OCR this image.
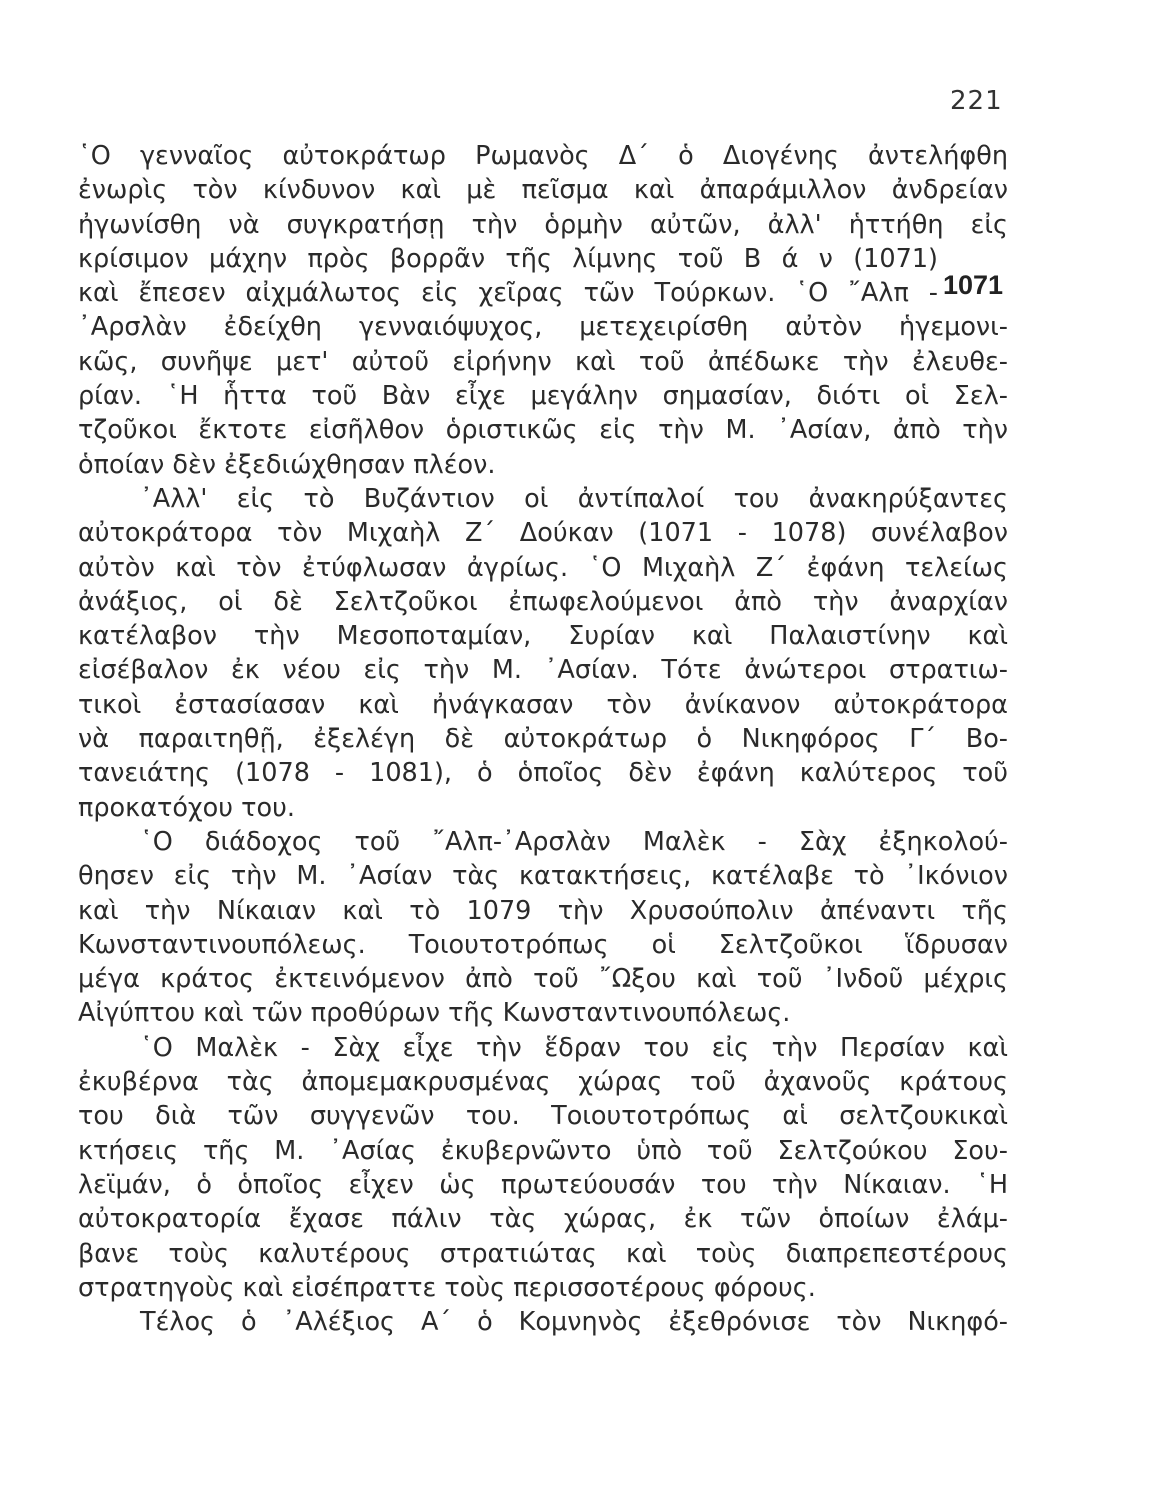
221
1071
῾Ο γενναῖος αὐτοκράτωρ Ρωμανὸς Δ΄ ὁ Διογένης ἀντελήφθη
ἐνωρὶς τὸν κίνδυνον καὶ μὲ πεῖσμα καὶ ἀπαράμιλλον ἀνδρείαν
ἠγωνίσθη νὰ συγκρατήσῃ τὴν ὁρμὴν αὐτῶν, ἀλλ' ἡττήθη εἰς
κρίσιμον μάχην πρὸς βορρᾶν τῆς λίμνης τοῦ Β ά ν (1071)
καὶ ἔπεσεν αἰχμάλωτος εἰς χεῖρας τῶν Τούρκων. ῾Ο ῎Αλπ -
᾿Αρσλὰν ἐδείχθη γενναιόψυχος, μετεχειρίσθη αὐτὸν ἡγεμονι-
κῶς, συνῆψε μετ' αὐτοῦ εἰρήνην καὶ τοῦ ἀπέδωκε τὴν ἐλευθε-
ρίαν. ῾Η ἧττα τοῦ Βὰν εἶχε μεγάλην σημασίαν, διότι οἱ Σελ-
τζοῦκοι ἔκτοτε εἰσῆλθον ὁριστικῶς εἰς τὴν Μ. ᾿Ασίαν, ἀπὸ τὴν
ὁποίαν δὲν ἐξεδιώχθησαν πλέον.
᾿Αλλ' εἰς τὸ Βυζάντιον οἱ ἀντίπαλοί του ἀνακηρύξαντες
αὐτοκράτορα τὸν Μιχαὴλ Ζ΄ Δούκαν (1071 - 1078) συνέλαβον
αὐτὸν καὶ τὸν ἐτύφλωσαν ἀγρίως. ῾Ο Μιχαὴλ Ζ΄ ἐφάνη τελείως
ἀνάξιος, οἱ δὲ Σελτζοῦκοι ἐπωφελούμενοι ἀπὸ τὴν ἀναρχίαν
κατέλαβον τὴν Μεσοποταμίαν, Συρίαν καὶ Παλαιστίνην καὶ
εἰσέβαλον ἐκ νέου εἰς τὴν Μ. ᾿Ασίαν. Τότε ἀνώτεροι στρατιω-
τικοὶ ἐστασίασαν καὶ ἠνάγκασαν τὸν ἀνίκανον αὐτοκράτορα
νὰ παραιτηθῇ, ἐξελέγη δὲ αὐτοκράτωρ ὁ Νικηφόρος Γ΄ Βο-
τανειάτης (1078 - 1081), ὁ ὁποῖος δὲν ἐφάνη καλύτερος τοῦ
προκατόχου του.
῾Ο διάδοχος τοῦ ῎Αλπ-᾿Αρσλὰν Μαλὲκ - Σὰχ ἐξηκολού-
θησεν εἰς τὴν Μ. ᾿Ασίαν τὰς κατακτήσεις, κατέλαβε τὸ ᾿Ικόνιον
καὶ τὴν Νίκαιαν καὶ τὸ 1079 τὴν Χρυσούπολιν ἀπέναντι τῆς
Κωνσταντινουπόλεως. Τοιουτοτρόπως οἱ Σελτζοῦκοι ἵδρυσαν
μέγα κράτος ἐκτεινόμενον ἀπὸ τοῦ ῎Ωξου καὶ τοῦ ᾿Ινδοῦ μέχρις
Αἰγύπτου καὶ τῶν προθύρων τῆς Κωνσταντινουπόλεως.
῾Ο Μαλὲκ - Σὰχ εἶχε τὴν ἕδραν του εἰς τὴν Περσίαν καὶ
ἐκυβέρνα τὰς ἀπομεμακρυσμένας χώρας τοῦ ἀχανοῦς κράτους
του διὰ τῶν συγγενῶν του. Τοιουτοτρόπως αἱ σελτζουκικαὶ
κτήσεις τῆς Μ. ᾿Ασίας ἐκυβερνῶντο ὑπὸ τοῦ Σελτζούκου Σου-
λεϊμάν, ὁ ὁποῖος εἶχεν ὡς πρωτεύουσάν του τὴν Νίκαιαν. ῾Η
αὐτοκρατορία ἔχασε πάλιν τὰς χώρας, ἐκ τῶν ὁποίων ἐλάμ-
βανε τοὺς καλυτέρους στρατιώτας καὶ τοὺς διαπρεπεστέρους
στρατηγοὺς καὶ εἰσέπραττε τοὺς περισσοτέρους φόρους.
Τέλος ὁ ᾿Αλέξιος Α΄ ὁ Κομνηνὸς ἐξεθρόνισε τὸν Νικηφό-
